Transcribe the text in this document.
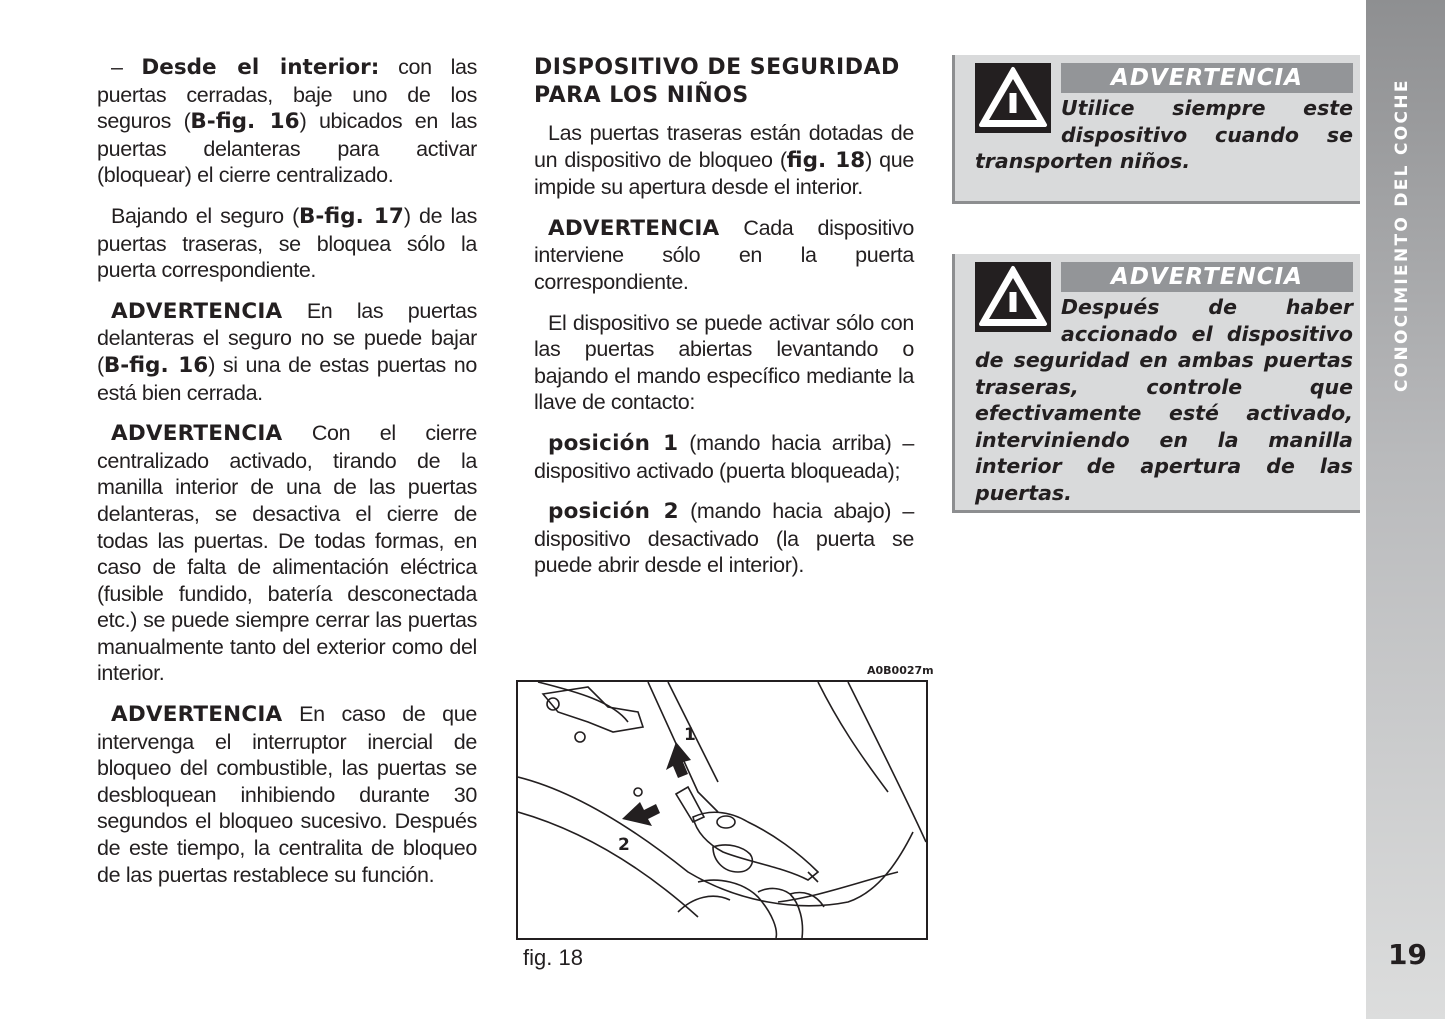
– Desde el interior: con las puertas cerradas, baje uno de los seguros (B-fig. 16) ubicados en las puertas delanteras para activar (bloquear) el cierre centralizado.

Bajando el seguro (B-fig. 17) de las puertas traseras, se bloquea sólo la puerta correspondiente.

ADVERTENCIA En las puertas delanteras el seguro no se puede bajar (B-fig. 16) si una de estas puertas no está bien cerrada.

ADVERTENCIA Con el cierre centralizado activado, tirando de la manilla interior de una de las puertas delanteras, se desactiva el cierre de todas las puertas. De todas formas, en caso de falta de alimentación eléctrica (fusible fundido, batería desconectada etc.) se puede siempre cerrar las puertas manualmente tanto del exterior como del interior.

ADVERTENCIA En caso de que intervenga el interruptor inercial de bloqueo del combustible, las puertas se desbloquean inhibiendo durante 30 segundos el bloqueo sucesivo. Después de este tiempo, la centralita de bloqueo de las puertas restablece su función.

DISPOSITIVO DE SEGURIDAD
PARA LOS NIÑOS

Las puertas traseras están dotadas de un dispositivo de bloqueo (fig. 18) que impide su apertura desde el interior.

ADVERTENCIA Cada dispositivo interviene sólo en la puerta correspondiente.

El dispositivo se puede activar sólo con las puertas abiertas levantando o bajando el mando específico mediante la llave de contacto:

posición 1 (mando hacia arriba) – dispositivo activado (puerta bloqueada);

posición 2 (mando hacia abajo) – dispositivo desactivado (la puerta se puede abrir desde el interior).

A0B0027m
1
2
fig. 18
ADVERTENCIA
Utilice siempre este dispositivo cuando se transporten niños.
ADVERTENCIA
Después de haber accionado el dispositivo de seguridad en ambas puertas traseras, controle que efectivamente esté activado, interviniendo en la manilla interior de apertura de las puertas.
CONOCIMIENTO DEL COCHE
19
